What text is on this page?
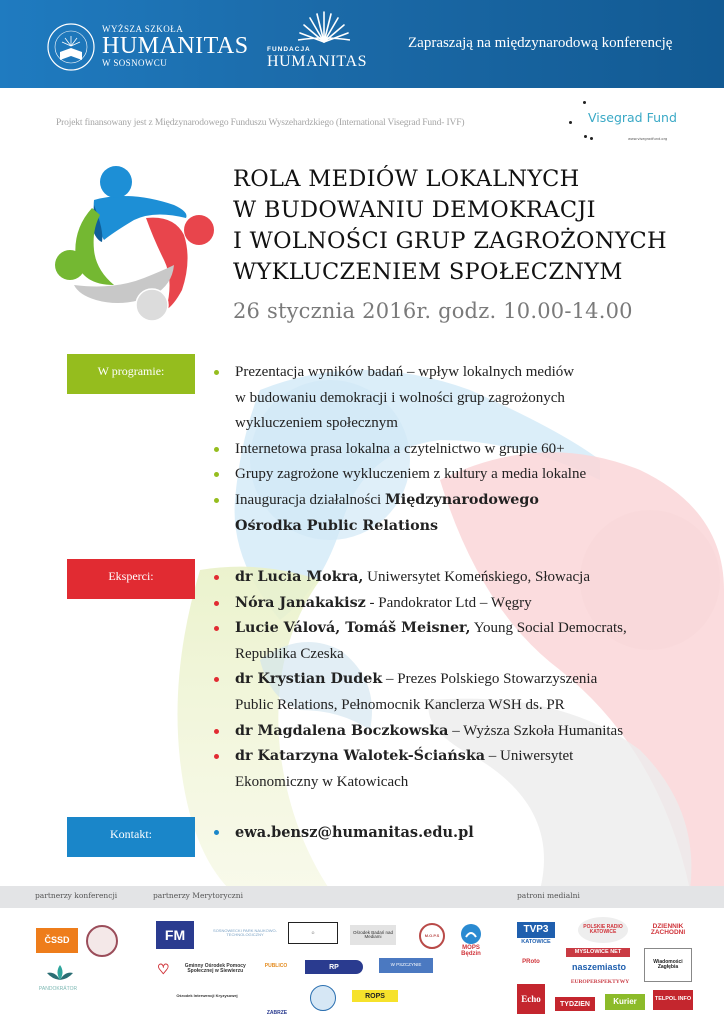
WYŻSZA SZKOŁA
HUMANITAS
W SOSNOWCU
FUNDACJA
HUMANITAS
Zapraszają na międzynarodową konferencję
Projekt finansowany jest z Międzynarodowego Funduszu Wyszehardzkiego (International Visegrad Fund- IVF)	Visegrad Fund
www.visegradfund.org
ROLA MEDIÓW LOKALNYCH
W BUDOWANIU DEMOKRACJI
I WOLNOŚCI GRUP ZAGROŻONYCH
WYKLUCZENIEM SPOŁECZNYM
26 stycznia 2016r. godz. 10.00-14.00
W programie:	Prezentacja wyników badań – wpływ lokalnych mediów
w budowaniu demokracji i wolności grup zagrożonych
wykluczeniem społecznym
Internetowa prasa lokalna a czytelnictwo w grupie 60+
Grupy zagrożone wykluczeniem z kultury a media lokalne
Inauguracja działalności Międzynarodowego
Ośrodka Public Relations
Eksperci:	dr Lucia Mokra, Uniwersytet Komeńskiego, Słowacja
Nóra Janakakisz - Pandokrator Ltd – Węgry
Lucie Válová, Tomáš Meisner, Young Social Democrats,
Republika Czeska
dr Krystian Dudek – Prezes Polskiego Stowarzyszenia
Public Relations, Pełnomocnik Kanclerza WSH ds. PR
dr Magdalena Boczkowska – Wyższa Szkoła Humanitas
dr Katarzyna Walotek-Ściańska – Uniwersytet
Ekonomiczny w Katowicach
Kontakt:	ewa.bensz@humanitas.edu.pl
partnerzy konferencji	partnerzy Merytoryczni	patroni medialni
ČSSD
PANDOKRÁTOR
FM	SOSNOWIECKI PARK NAUKOWO-TECHNOLOGICZNY	☺	Ośrodek Badań nad Mediami	M.O.P.S
MOPS Będzin
♡	Gminny Ośrodek Pomocy Społecznej w Siewierzu
PUBLICO	RP	W PSZCZYNIE
Ośrodek Interwencji Kryzysowej
ZABRZE
ROPS
TVP3
KATOWICE
POLSKIE RADIO KATOWICE
DZIENNIK ZACHODNI
MYSLOWICE NET
PRoto	naszemiasto
EUROPERSPEKTYWY
Wiadomości Zagłębia
Echo
TYDZIEN	Kurier	TELPOL INFO
